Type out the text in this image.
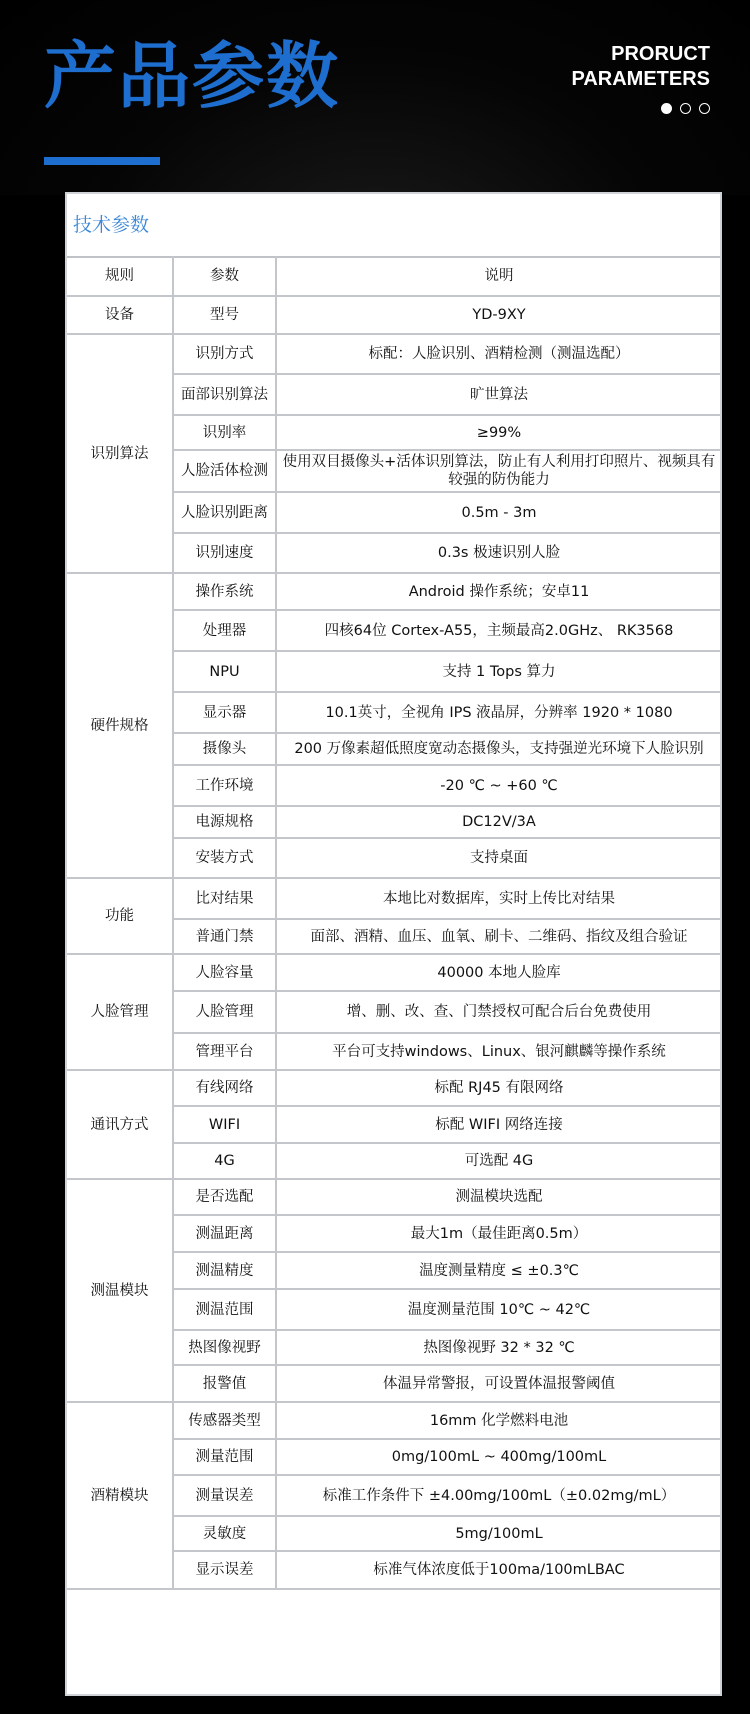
产品参数	PRORUCT
PARAMETERS
技术参数
规则	参数	说明
设备	型号	YD-9XY
识别算法	识别方式	标配：人脸识别、酒精检测（测温选配）
	面部识别算法	旷世算法
	识别率	≥99%
	人脸活体检测	使用双目摄像头+活体识别算法，防止有人利用打印照片、视频具有较强的防伪能力
	人脸识别距离	0.5m - 3m
	识别速度	0.3s 极速识别人脸
硬件规格	操作系统	Android 操作系统；安卓11
	处理器	四核64位 Cortex-A55，主频最高2.0GHz、 RK3568
	NPU	支持 1 Tops 算力
	显示器	10.1英寸，全视角 IPS 液晶屏，分辨率 1920 * 1080
	摄像头	200 万像素超低照度宽动态摄像头，支持强逆光环境下人脸识别
	工作环境	-20 ℃ ~ +60 ℃
	电源规格	DC12V/3A
	安装方式	支持桌面
功能	比对结果	本地比对数据库，实时上传比对结果
	普通门禁	面部、酒精、血压、血氧、刷卡、二维码、指纹及组合验证
人脸管理	人脸容量	40000 本地人脸库
	人脸管理	增、删、改、查、门禁授权可配合后台免费使用
	管理平台	平台可支持windows、Linux、银河麒麟等操作系统
通讯方式	有线网络	标配 RJ45 有限网络
	WIFI	标配 WIFI 网络连接
	4G	可选配 4G
测温模块	是否选配	测温模块选配
	测温距离	最大1m（最佳距离0.5m）
	测温精度	温度测量精度 ≤ ±0.3℃
	测温范围	温度测量范围 10℃ ~ 42℃
	热图像视野	热图像视野 32 * 32 ℃
	报警值	体温异常警报，可设置体温报警阈值
酒精模块	传感器类型	16mm 化学燃料电池
	测量范围	0mg/100mL ~ 400mg/100mL
	测量误差	标准工作条件下 ±4.00mg/100mL（±0.02mg/mL）
	灵敏度	5mg/100mL
	显示误差	标准气体浓度低于100ma/100mLBAC
